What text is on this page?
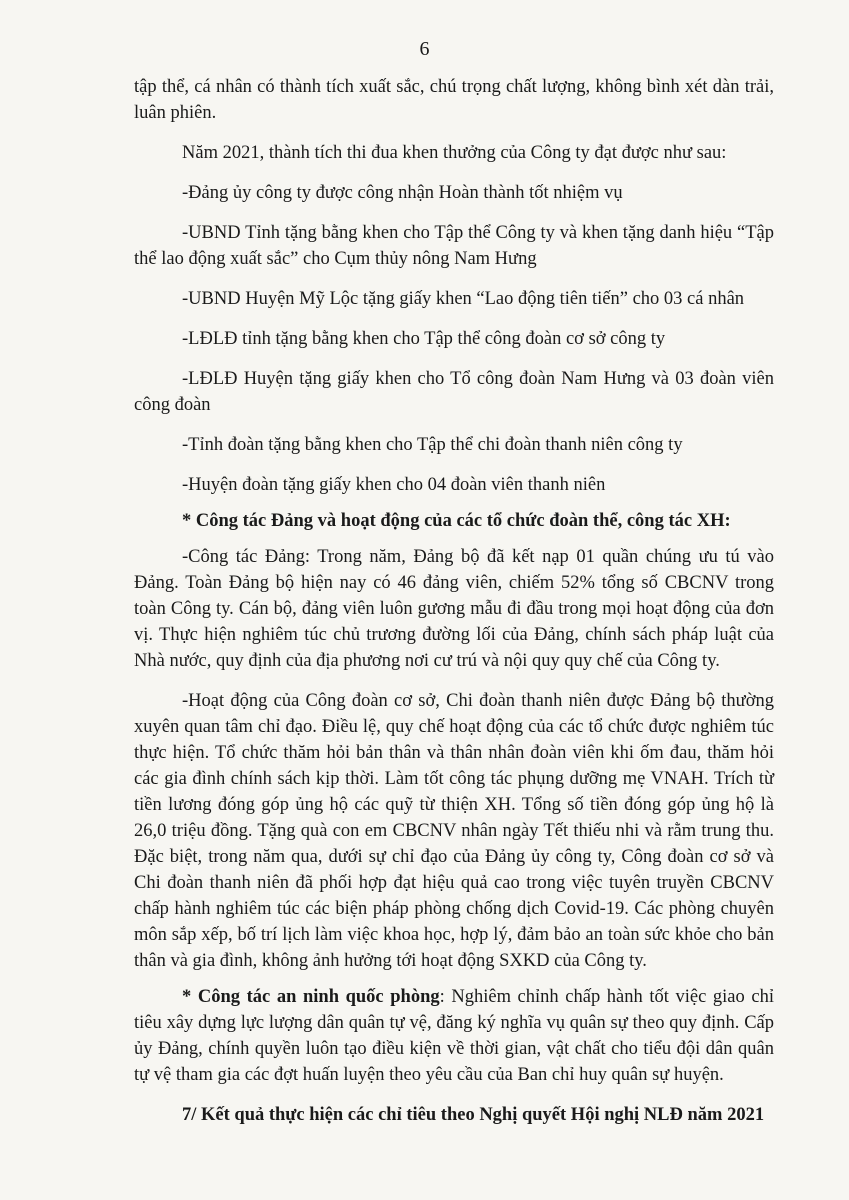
6

tập thể, cá nhân có thành tích xuất sắc, chú trọng chất lượng, không bình xét dàn trải, luân phiên.

Năm 2021, thành tích thi đua khen thưởng của Công ty đạt được như sau:

-Đảng ủy công ty được công nhận Hoàn thành tốt nhiệm vụ

-UBND Tỉnh tặng bằng khen cho Tập thể Công ty và khen tặng danh hiệu “Tập thể lao động xuất sắc” cho Cụm thủy nông Nam Hưng

-UBND Huyện Mỹ Lộc tặng giấy khen “Lao động tiên tiến” cho 03 cá nhân

-LĐLĐ tỉnh tặng bằng khen cho Tập thể công đoàn cơ sở công ty

-LĐLĐ Huyện tặng giấy khen cho Tổ công đoàn Nam Hưng và 03 đoàn viên công đoàn

-Tỉnh đoàn tặng bằng khen cho Tập thể chi đoàn thanh niên công ty

-Huyện đoàn tặng giấy khen cho 04 đoàn viên thanh niên

* Công tác Đảng và hoạt động của các tổ chức đoàn thể, công tác XH:

-Công tác Đảng: Trong năm, Đảng bộ đã kết nạp 01 quần chúng ưu tú vào Đảng. Toàn Đảng bộ hiện nay có 46 đảng viên, chiếm 52% tổng số CBCNV trong toàn Công ty. Cán bộ, đảng viên luôn gương mẫu đi đầu trong mọi hoạt động của đơn vị. Thực hiện nghiêm túc chủ trương đường lối của Đảng, chính sách pháp luật của Nhà nước, quy định của địa phương nơi cư trú và nội quy quy chế của Công ty.

-Hoạt động của Công đoàn cơ sở, Chi đoàn thanh niên được Đảng bộ thường xuyên quan tâm chỉ đạo. Điều lệ, quy chế hoạt động của các tổ chức được nghiêm túc thực hiện. Tổ chức thăm hỏi bản thân và thân nhân đoàn viên khi ốm đau, thăm hỏi các gia đình chính sách kịp thời. Làm tốt công tác phụng dưỡng mẹ VNAH. Trích từ tiền lương đóng góp ủng hộ các quỹ từ thiện XH. Tổng số tiền đóng góp ủng hộ là 26,0 triệu đồng. Tặng quà con em CBCNV nhân ngày Tết thiếu nhi và rằm trung thu. Đặc biệt, trong năm qua, dưới sự chỉ đạo của Đảng ủy công ty, Công đoàn cơ sở và Chi đoàn thanh niên đã phối hợp đạt hiệu quả cao trong việc tuyên truyền CBCNV chấp hành nghiêm túc các biện pháp phòng chống dịch Covid-19. Các phòng chuyên môn sắp xếp, bố trí lịch làm việc khoa học, hợp lý, đảm bảo an toàn sức khỏe cho bản thân và gia đình, không ảnh hưởng tới hoạt động SXKD của Công ty.

* Công tác an ninh quốc phòng: Nghiêm chỉnh chấp hành tốt việc giao chỉ tiêu xây dựng lực lượng dân quân tự vệ, đăng ký nghĩa vụ quân sự theo quy định. Cấp ủy Đảng, chính quyền luôn tạo điều kiện về thời gian, vật chất cho tiểu đội dân quân tự vệ tham gia các đợt huấn luyện theo yêu cầu của Ban chỉ huy quân sự huyện.

7/ Kết quả thực hiện các chỉ tiêu theo Nghị quyết Hội nghị NLĐ năm 2021
